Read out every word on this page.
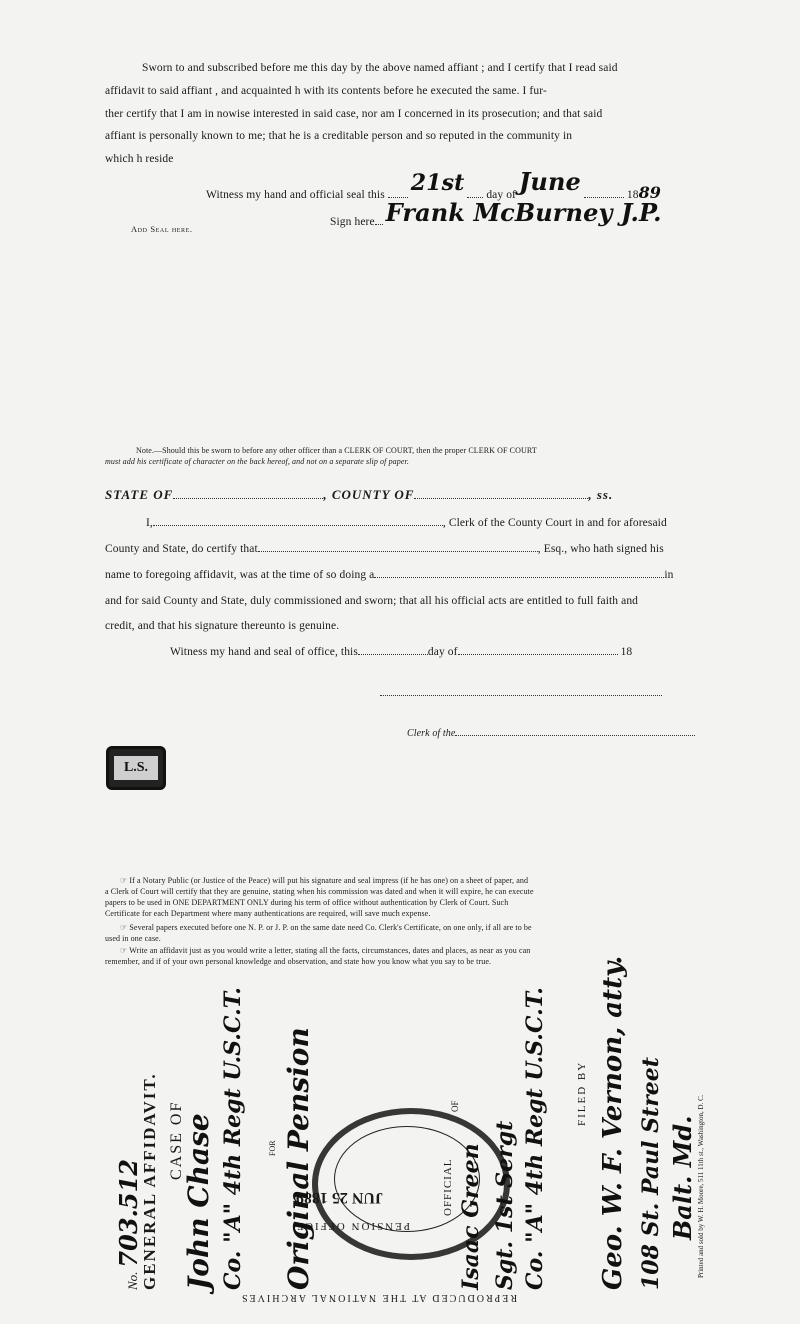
Sworn to and subscribed before me this day by the above named affiant ; and I certify that I read said
affidavit to said affiant , and acquainted h with its contents before he executed the same. I fur-
ther certify that I am in nowise interested in said case, nor am I concerned in its prosecution; and that said
affiant is personally known to me; that he is a creditable person and so reputed in the community in
which h reside
Witness my hand and official seal this 21st day of June	1889
Sign here Frank McBurney J.P.
Add Seal here.
Note.—Should this be sworn to before any other officer than a CLERK OF COURT, then the proper CLERK OF COURT
must add his certificate of character on the back hereof, and not on a separate slip of paper.
STATE OF	, COUNTY OF	, ss.
I,	, Clerk of the County Court in and for aforesaid
County and State, do certify that	, Esq., who hath signed his
name to foregoing affidavit, was at the time of so doing a	in
and for said County and State, duly commissioned and sworn; that all his official acts are entitled to full faith and
credit, and that his signature thereunto is genuine.
Witness my hand and seal of office, this	day of	18
Clerk of the
L.S.
☞ If a Notary Public (or Justice of the Peace) will put his signature and seal impress (if he has one) on a sheet of paper, and
a Clerk of Court will certify that they are genuine, stating when his commission was dated and when it will expire, he can execute
papers to be used in ONE DEPARTMENT ONLY during his term of office without authentication by Clerk of Court. Such
Certificate for each Department where many authentications are required, will save much expense.
☞ Several papers executed before one N. P. or J. P. on the same date need Co. Clerk's Certificate, on one only, if all are to be
used in one case.
☞ Write an affidavit just as you would write a letter, stating all the facts, circumstances, dates and places, as near as you can
remember, and if of your own personal knowledge and observation, and state how you know what you say to be true.
JUN 25 1889
PENSION OFFICE
No. 703.512
GENERAL AFFIDAVIT. CASE OF
John Chase Co. "A" 4th Regt U.S.C.T.	FOR Original Pension	OFFICIAL
OF
Isaac Green Sgt. 1st Sergt Co. "A" 4th Regt U.S.C.T.	FILED BY Geo. W. F. Vernon, atty. 108 St. Paul Street Balt. Md. Printed and sold by W. H. Moore, 511 11th st., Washington, D. C.
REPRODUCED AT THE NATIONAL ARCHIVES
